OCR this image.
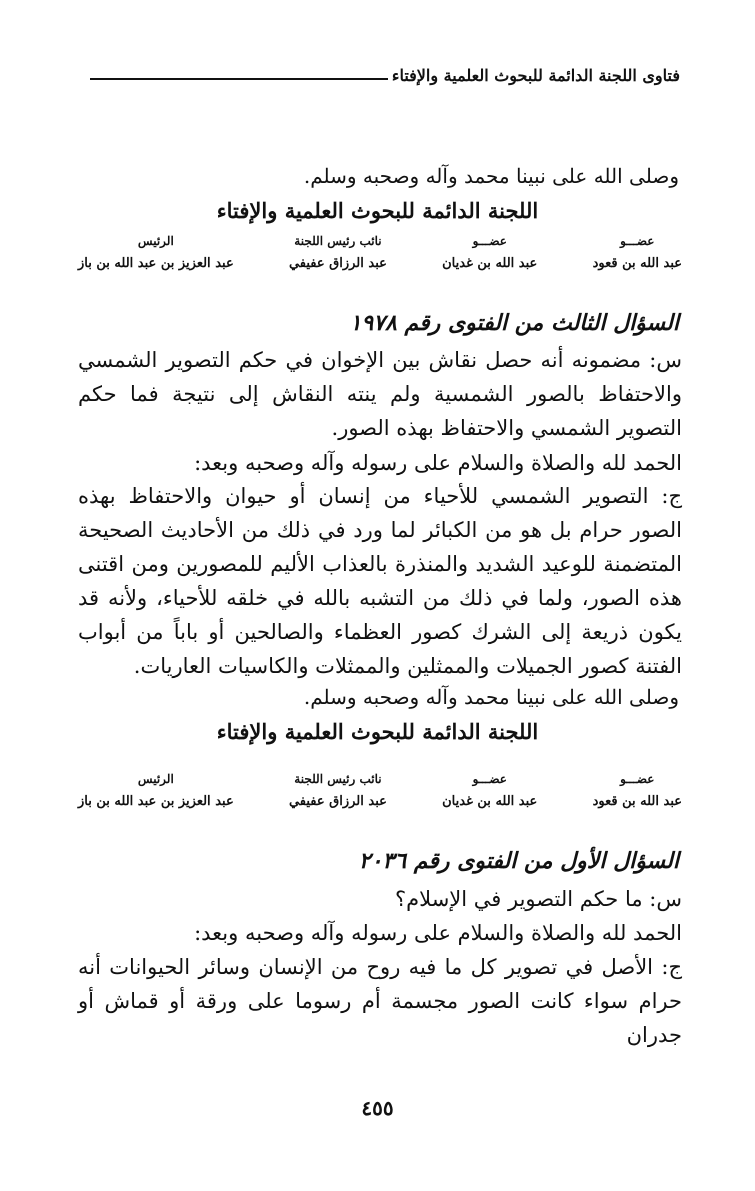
فتاوى اللجنة الدائمة للبحوث العلمية والإفتاء
وصلى الله على نبينا محمد وآله وصحبه وسلم.
اللجنة الدائمة للبحوث العلمية والإفتاء
عضـــو
عبد الله بن قعود
عضـــو
عبد الله بن غديان
نائب رئيس اللجنة
عبد الرزاق عفيفي
الرئيس
عبد العزيز بن عبد الله بن باز
السؤال الثالث من الفتوى رقم ١٩٧٨
س: مضمونه أنه حصل نقاش بين الإخوان في حكم التصوير الشمسي والاحتفاظ بالصور الشمسية ولم ينته النقاش إلى نتيجة فما حكم التصوير الشمسي والاحتفاظ بهذه الصور.
الحمد لله والصلاة والسلام على رسوله وآله وصحبه وبعد:
ج: التصوير الشمسي للأحياء من إنسان أو حيوان والاحتفاظ بهذه الصور حرام بل هو من الكبائر لما ورد في ذلك من الأحاديث الصحيحة المتضمنة للوعيد الشديد والمنذرة بالعذاب الأليم للمصورين ومن اقتنى هذه الصور، ولما في ذلك من التشبه بالله في خلقه للأحياء، ولأنه قد يكون ذريعة إلى الشرك كصور العظماء والصالحين أو باباً من أبواب الفتنة كصور الجميلات والممثلين والممثلات والكاسيات العاريات.
وصلى الله على نبينا محمد وآله وصحبه وسلم.
اللجنة الدائمة للبحوث العلمية والإفتاء
عضـــو
عبد الله بن قعود
عضـــو
عبد الله بن غديان
نائب رئيس اللجنة
عبد الرزاق عفيفي
الرئيس
عبد العزيز بن عبد الله بن باز
السؤال الأول من الفتوى رقم ٢٠٣٦
س: ما حكم التصوير في الإسلام؟
الحمد لله والصلاة والسلام على رسوله وآله وصحبه وبعد:
ج: الأصل في تصوير كل ما فيه روح من الإنسان وسائر الحيوانات أنه حرام سواء كانت الصور مجسمة أم رسوما على ورقة أو قماش أو جدران
٤٥٥
